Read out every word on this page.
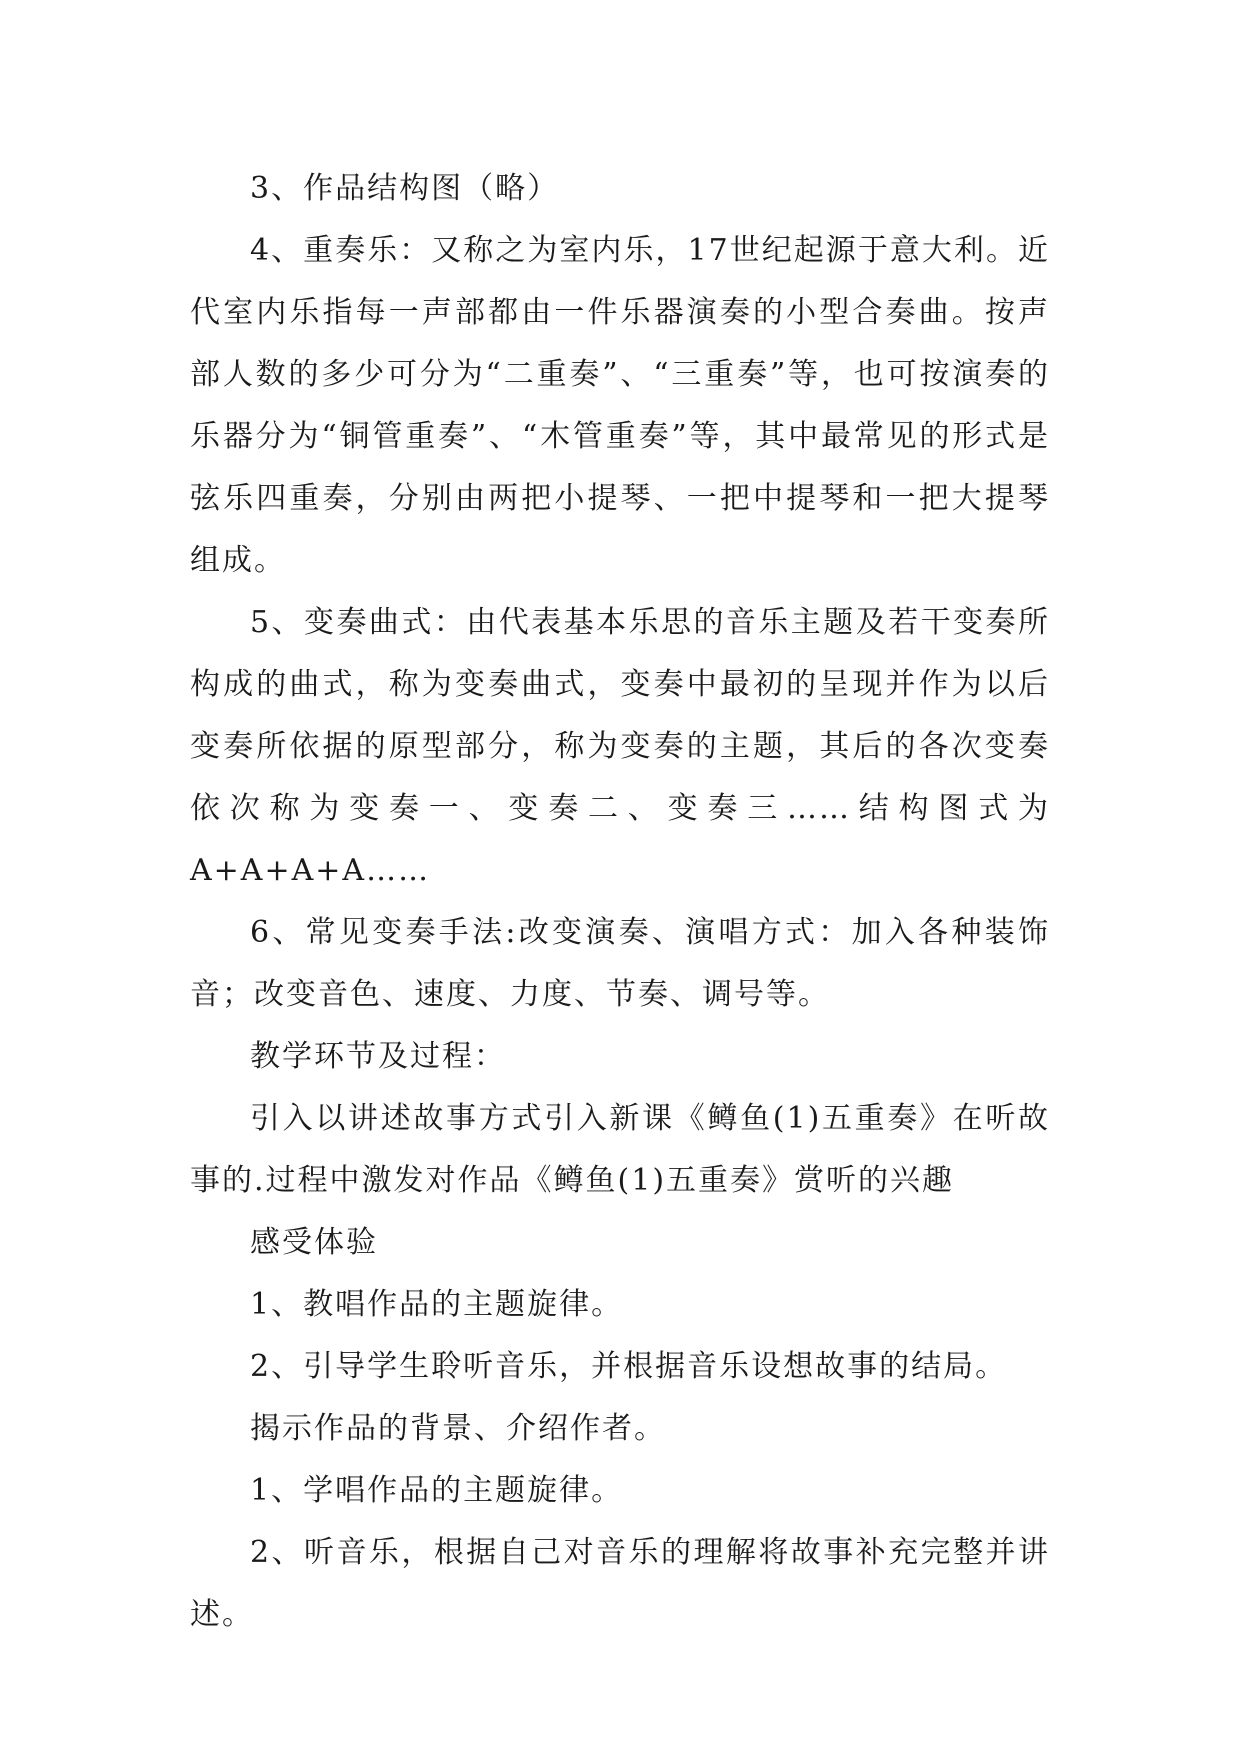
3、作品结构图（略）

4、重奏乐：又称之为室内乐，17世纪起源于意大利。近代室内乐指每一声部都由一件乐器演奏的小型合奏曲。按声部人数的多少可分为“二重奏”、“三重奏”等，也可按演奏的乐器分为“铜管重奏”、“木管重奏”等，其中最常见的形式是弦乐四重奏，分别由两把小提琴、一把中提琴和一把大提琴组成。

5、变奏曲式：由代表基本乐思的音乐主题及若干变奏所构成的曲式，称为变奏曲式，变奏中最初的呈现并作为以后变奏所依据的原型部分，称为变奏的主题，其后的各次变奏依次称为变奏一、变奏二、变奏三……结构图式为A+A+A+A……

6、常见变奏手法:改变演奏、演唱方式：加入各种装饰音；改变音色、速度、力度、节奏、调号等。

教学环节及过程：

引入以讲述故事方式引入新课《鳟鱼(1)五重奏》在听故事的.过程中激发对作品《鳟鱼(1)五重奏》赏听的兴趣

感受体验

1、教唱作品的主题旋律。

2、引导学生聆听音乐，并根据音乐设想故事的结局。

揭示作品的背景、介绍作者。

1、学唱作品的主题旋律。

2、听音乐，根据自己对音乐的理解将故事补充完整并讲述。
